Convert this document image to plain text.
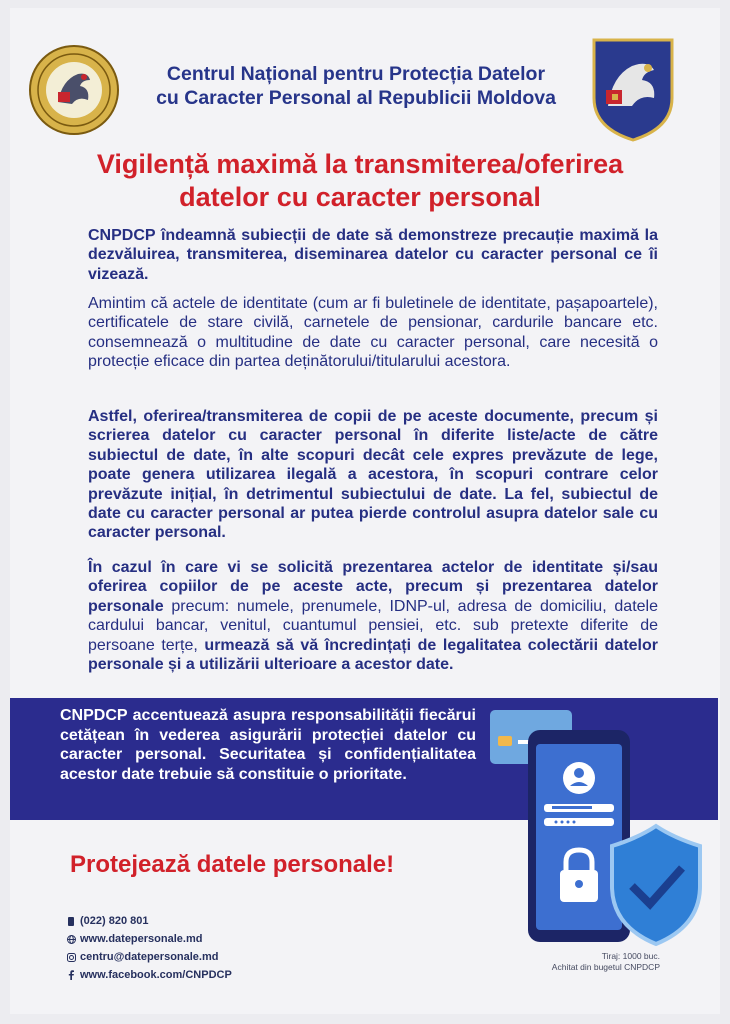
Centrul Național pentru Protecția Datelor
cu Caracter Personal al Republicii Moldova
Vigilență maximă la transmiterea/oferirea
datelor cu caracter personal
CNPDCP îndeamnă subiecții de date să demonstreze precauție maximă la dezvăluirea, transmiterea, diseminarea datelor cu caracter personal ce îi vizează.
Amintim că actele de identitate (cum ar fi buletinele de identitate, pașapoartele), certificatele de stare civilă, carnetele de pensionar, cardurile bancare etc. consemnează o multitudine de date cu caracter personal, care necesită o protecție eficace din partea deținătorului/titularului acestora.
Astfel, oferirea/transmiterea de copii de pe aceste documente, precum și scrierea datelor cu caracter personal în diferite liste/acte de către subiectul de date, în alte scopuri decât cele expres prevăzute de lege, poate genera utilizarea ilegală a acestora, în scopuri contrare celor prevăzute inițial, în detrimentul subiectului de date. La fel, subiectul de date cu caracter personal ar putea pierde controlul asupra datelor sale cu caracter personal.
În cazul în care vi se solicită prezentarea actelor de identitate și/sau oferirea copiilor de pe aceste acte, precum și prezentarea datelor personale precum: numele, prenumele, IDNP-ul, adresa de domiciliu, datele cardului bancar, venitul, cuantumul pensiei, etc. sub pretexte diferite de persoane terțe, urmează să vă încredințați de legalitatea colectării datelor personale și a utilizării ulterioare a acestor date.
CNPDCP accentuează asupra responsabilității fiecărui cetățean în vederea asigurării protecției datelor cu caracter personal. Securitatea și confidențialitatea acestor date trebuie să constituie o prioritate.
Protejează datele personale!
(022) 820 801
www.datepersonale.md
centru@datepersonale.md
www.facebook.com/CNPDCP
Tiraj: 1000 buc.
Achitat din bugetul CNPDCP
